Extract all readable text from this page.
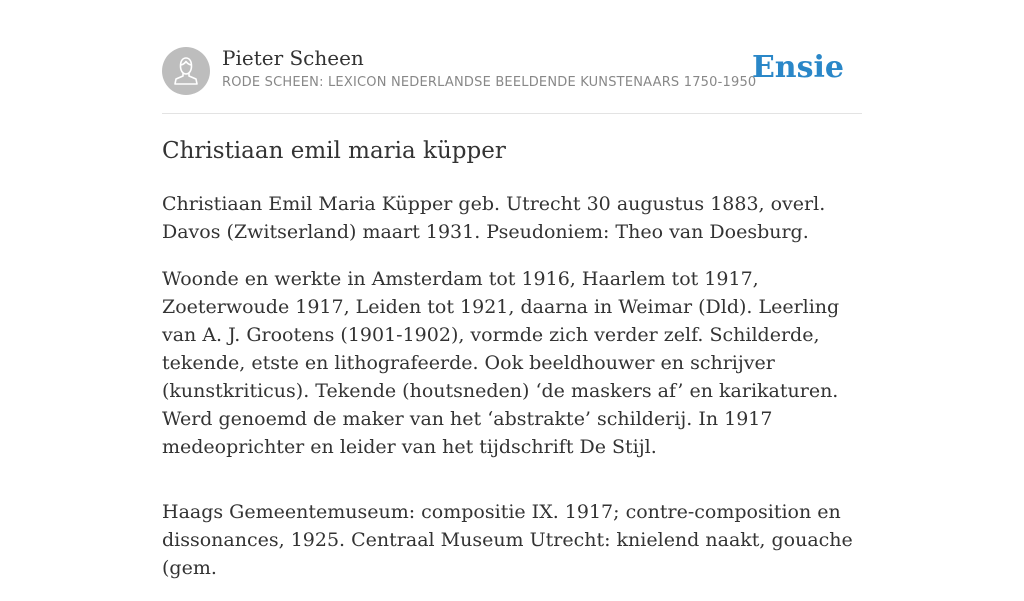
Pieter Scheen
RODE SCHEEN: LEXICON NEDERLANDSE BEELDENDE KUNSTENAARS 1750-1950
Ensie
Christiaan emil maria küpper

Christiaan Emil Maria Küpper geb. Utrecht 30 augustus 1883, overl. Davos (Zwitserland) maart 1931. Pseudoniem: Theo van Doesburg.

Woonde en werkte in Amsterdam tot 1916, Haarlem tot 1917, Zoeterwoude 1917, Leiden tot 1921, daarna in Weimar (Dld). Leerling van A. J. Grootens (1901-1902), vormde zich verder zelf. Schilderde, tekende, etste en lithografeerde. Ook beeldhouwer en schrijver (kunstkriticus). Tekende (houtsneden) ‘de maskers af’ en karikaturen. Werd genoemd de maker van het ‘abstrakte’ schilderij. In 1917 medeoprichter en leider van het tijdschrift De Stijl.

Haags Gemeentemuseum: compositie IX. 1917; contre-composition en dissonances, 1925. Centraal Museum Utrecht: knielend naakt, gouache (gem.
